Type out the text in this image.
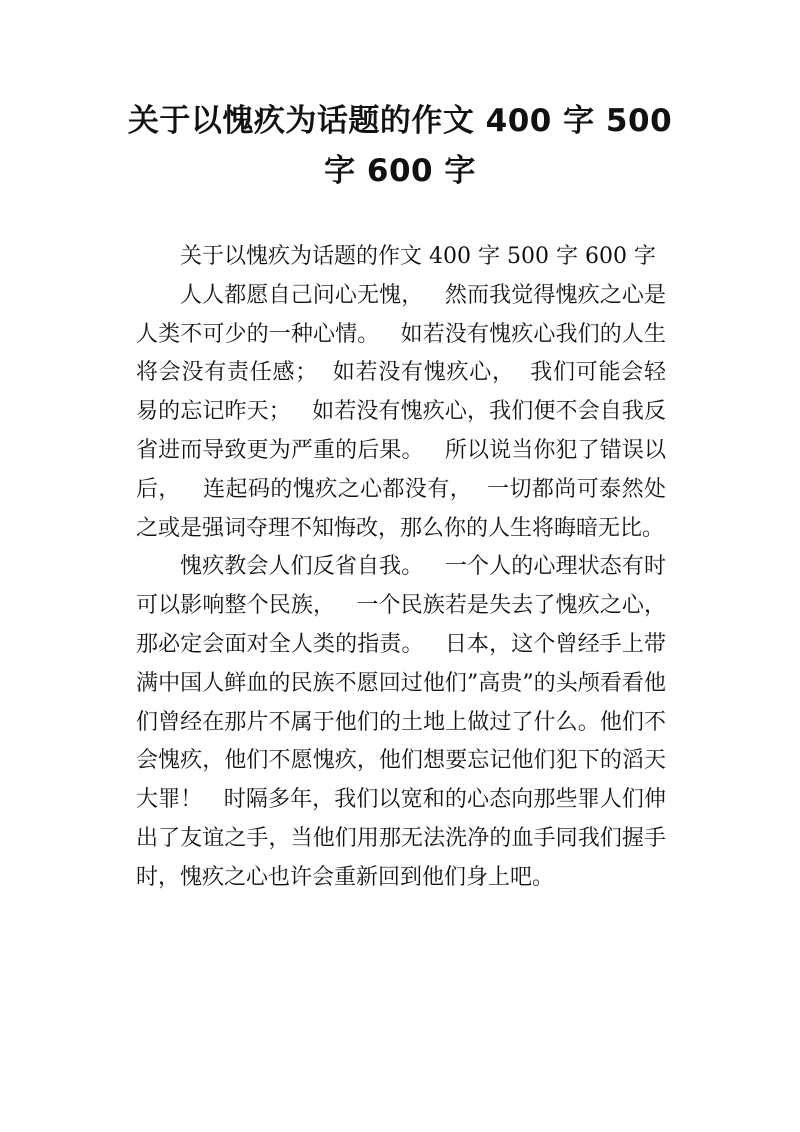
关于以愧疚为话题的作文 400 字 500
字 600 字

关于以愧疚为话题的作文 400 字 500 字 600 字

人人都愿自己问心无愧，   然而我觉得愧疚之心是人类不可少的一种心情。   如若没有愧疚心我们的人生将会没有责任感；  如若没有愧疚心，  我们可能会轻易的忘记昨天；   如若没有愧疚心，我们便不会自我反省进而导致更为严重的后果。   所以说当你犯了错误以后，   连起码的愧疚之心都没有，  一切都尚可泰然处之或是强词夺理不知悔改，那么你的人生将晦暗无比。

愧疚教会人们反省自我。   一个人的心理状态有时可以影响整个民族，   一个民族若是失去了愧疚之心，那必定会面对全人类的指责。   日本，这个曾经手上带满中国人鲜血的民族不愿回过他们”高贵”的头颅看看他们曾经在那片不属于他们的土地上做过了什么。他们不会愧疚，他们不愿愧疚，他们想要忘记他们犯下的滔天大罪！   时隔多年，我们以宽和的心态向那些罪人们伸出了友谊之手，当他们用那无法洗净的血手同我们握手时，愧疚之心也许会重新回到他们身上吧。
